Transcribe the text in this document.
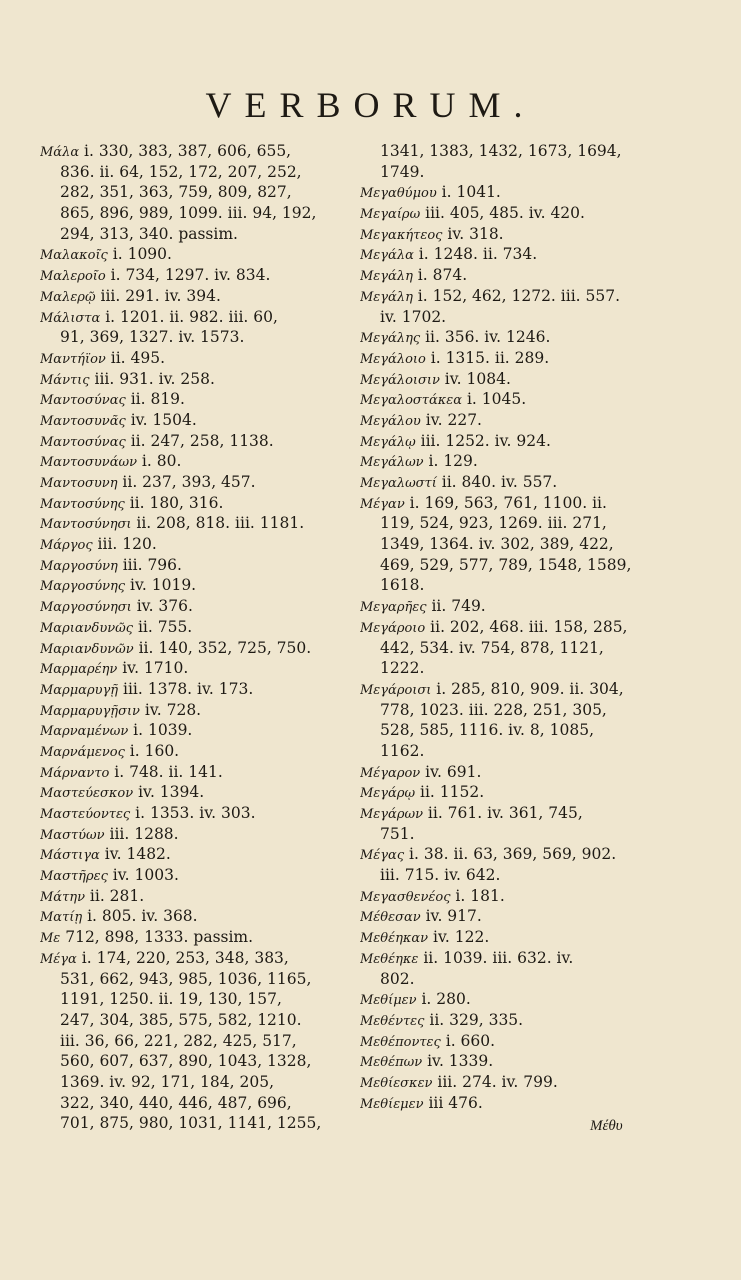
VERBORUM.
Μάλα i. 330, 383, 387, 606, 655,
836. ii. 64, 152, 172, 207, 252,
282, 351, 363, 759, 809, 827,
865, 896, 989, 1099. iii. 94, 192,
294, 313, 340. passim.
Μαλακοῖς i. 1090.
Μαλεροῖο i. 734, 1297. iv. 834.
Μαλερῷ iii. 291. iv. 394.
Μάλιστα i. 1201. ii. 982. iii. 60,
91, 369, 1327. iv. 1573.
Μαντήϊον ii. 495.
Μάντις iii. 931. iv. 258.
Μαντοσύνας ii. 819.
Μαντοσυνᾶς iv. 1504.
Μαντοσύνας ii. 247, 258, 1138.
Μαντοσυνάων i. 80.
Μαντοσυνη ii. 237, 393, 457.
Μαντοσύνης ii. 180, 316.
Μαντοσύνησι ii. 208, 818. iii. 1181.
Μάργος iii. 120.
Μαργοσύνη iii. 796.
Μαργοσύνης iv. 1019.
Μαργοσύνησι iv. 376.
Μαριανδυνῶς ii. 755.
Μαριανδυνῶν ii. 140, 352, 725, 750.
Μαρμαρέην iv. 1710.
Μαρμαρυγῇ iii. 1378. iv. 173.
Μαρμαρυγῇσιν iv. 728.
Μαρναμένων i. 1039.
Μαρνάμενος i. 160.
Μάρναντο i. 748. ii. 141.
Μαστεύεσκον iv. 1394.
Μαστεύοντες i. 1353. iv. 303.
Μαστύων iii. 1288.
Μάστιγα iv. 1482.
Μαστῆρες iv. 1003.
Μάτην ii. 281.
Ματίῃ i. 805. iv. 368.
Με 712, 898, 1333. passim.
Μέγα i. 174, 220, 253, 348, 383,
531, 662, 943, 985, 1036, 1165,
1191, 1250. ii. 19, 130, 157,
247, 304, 385, 575, 582, 1210.
iii. 36, 66, 221, 282, 425, 517,
560, 607, 637, 890, 1043, 1328,
1369. iv. 92, 171, 184, 205,
322, 340, 440, 446, 487, 696,
701, 875, 980, 1031, 1141, 1255,
1341, 1383, 1432, 1673, 1694,
1749.
Μεγαθύμου i. 1041.
Μεγαίρω iii. 405, 485. iv. 420.
Μεγακήτεος iv. 318.
Μεγάλα i. 1248. ii. 734.
Μεγάλη i. 874.
Μεγάλη i. 152, 462, 1272. iii. 557.
iv. 1702.
Μεγάλης ii. 356. iv. 1246.
Μεγάλοιο i. 1315. ii. 289.
Μεγάλοισιν iv. 1084.
Μεγαλοστάκεα i. 1045.
Μεγάλου iv. 227.
Μεγάλῳ iii. 1252. iv. 924.
Μεγάλων i. 129.
Μεγαλωστί ii. 840. iv. 557.
Μέγαν i. 169, 563, 761, 1100. ii.
119, 524, 923, 1269. iii. 271,
1349, 1364. iv. 302, 389, 422,
469, 529, 577, 789, 1548, 1589,
1618.
Μεγαρῆες ii. 749.
Μεγάροιο ii. 202, 468. iii. 158, 285,
442, 534. iv. 754, 878, 1121,
1222.
Μεγάροισι i. 285, 810, 909. ii. 304,
778, 1023. iii. 228, 251, 305,
528, 585, 1116. iv. 8, 1085,
1162.
Μέγαρον iv. 691.
Μεγάρῳ ii. 1152.
Μεγάρων ii. 761. iv. 361, 745,
751.
Μέγας i. 38. ii. 63, 369, 569, 902.
iii. 715. iv. 642.
Μεγασθενέος i. 181.
Μέθεσαν iv. 917.
Μεθέηκαν iv. 122.
Μεθέηκε ii. 1039. iii. 632. iv.
802.
Μεθίμεν i. 280.
Μεθέντες ii. 329, 335.
Μεθέποντες i. 660.
Μεθέπων iv. 1339.
Μεθίεσκεν iii. 274. iv. 799.
Μεθίεμεν iii 476.
Μέθυ
